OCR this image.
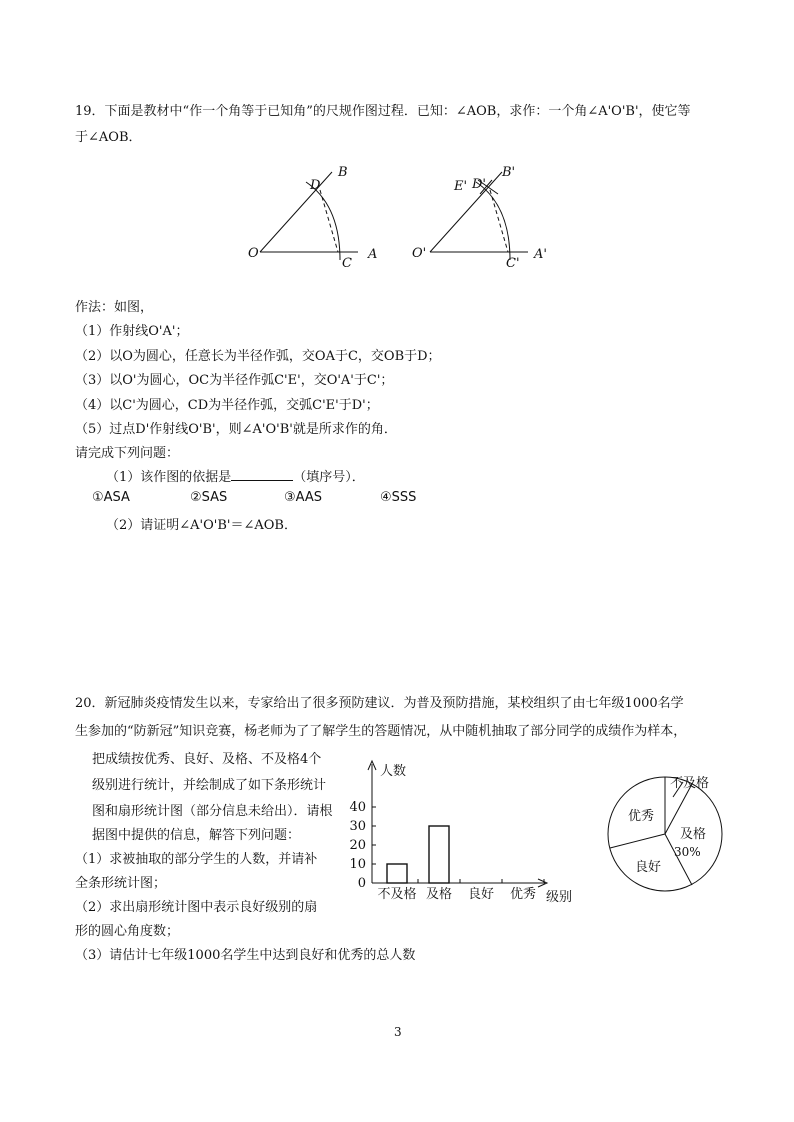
19．下面是教材中“作一个角等于已知角”的尺规作图过程．已知：∠AOB，求作：一个角∠A'O'B'，使它等
于∠AOB．
O	A
B
C
D
O'	A'
B'
C'
D'
E'
作法：如图，
（1）作射线O'A'；
（2）以O为圆心，任意长为半径作弧，交OA于C，交OB于D；
（3）以O'为圆心，OC为半径作弧C'E'，交O'A'于C'；
（4）以C'为圆心，CD为半径作弧，交弧C'E'于D'；
（5）过点D'作射线O'B'，则∠A'O'B'就是所求作的角．
请完成下列问题：
（1）该作图的依据是	（填序号）．
①ASA	②SAS	③AAS	④SSS
（2）请证明∠A'O'B'＝∠AOB．
20．新冠肺炎疫情发生以来，专家给出了很多预防建议．为普及预防措施，某校组织了由七年级1000名学
生参加的“防新冠”知识竞赛，杨老师为了了解学生的答题情况，从中随机抽取了部分同学的成绩作为样本，
把成绩按优秀、良好、及格、不及格4个
级别进行统计，并绘制成了如下条形统计
图和扇形统计图（部分信息未给出）．请根
据图中提供的信息，解答下列问题：
（1）求被抽取的部分学生的人数，并请补
全条形统计图；
（2）求出扇形统计图中表示良好级别的扇
形的圆心角度数；
（3）请估计七年级1000名学生中达到良好和优秀的总人数
人数
级别
0
10
20
30
40
不及格 及格 良好 优秀
不及格
及格
30%
良好
优秀
3
